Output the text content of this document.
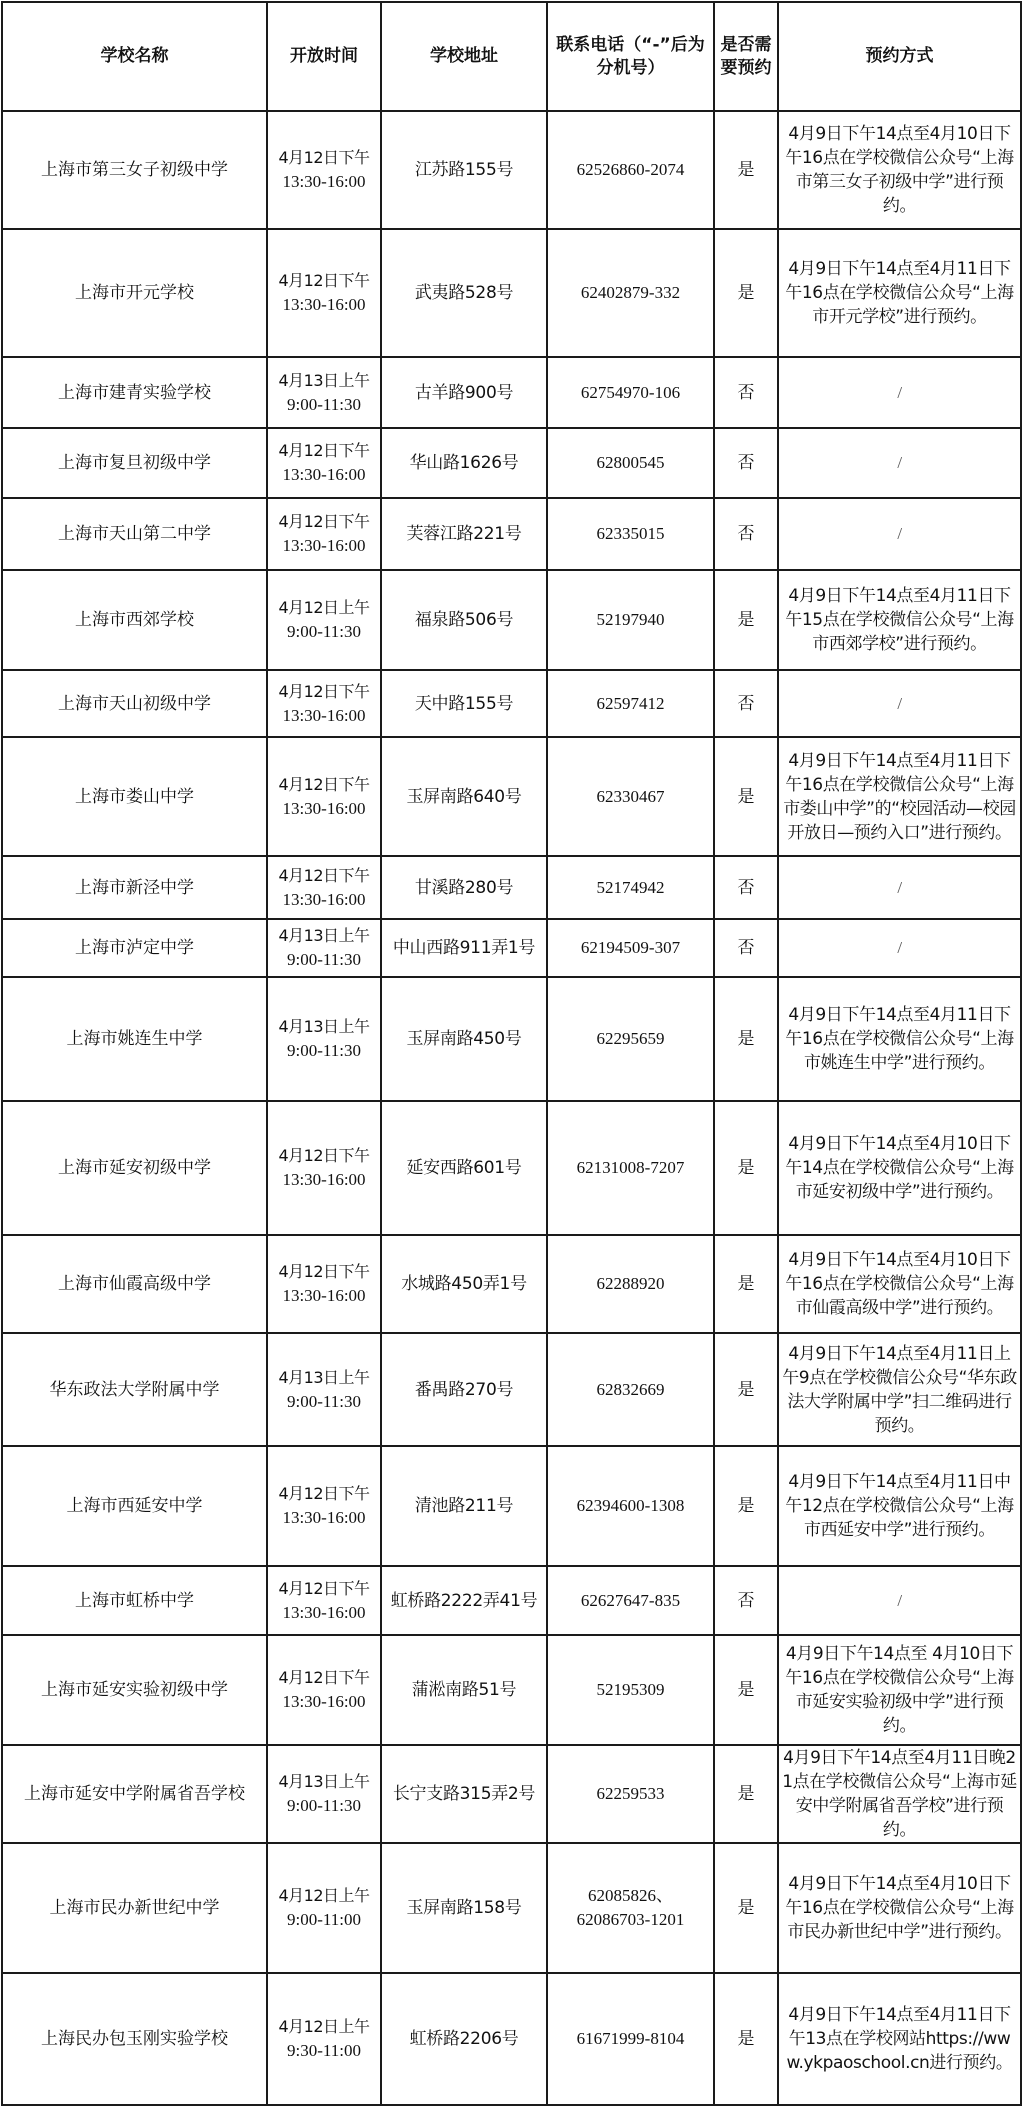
学校名称	开放时间	学校地址	联系电话（“-”后为分机号）	是否需要预约	预约方式
上海市第三女子初级中学	4月12日下午
13:30-16:00	江苏路155号	62526860-2074	是	4月9日下午14点至4月10日下午16点在学校微信公众号“上海市第三女子初级中学”进行预约。
上海市开元学校	4月12日下午
13:30-16:00	武夷路528号	62402879-332	是	4月9日下午14点至4月11日下午16点在学校微信公众号“上海市开元学校”进行预约。
上海市建青实验学校	4月13日上午
9:00-11:30	古羊路900号	62754970-106	否	/
上海市复旦初级中学	4月12日下午
13:30-16:00	华山路1626号	62800545	否	/
上海市天山第二中学	4月12日下午
13:30-16:00	芙蓉江路221号	62335015	否	/
上海市西郊学校	4月12日上午
9:00-11:30	福泉路506号	52197940	是	4月9日下午14点至4月11日下午15点在学校微信公众号“上海市西郊学校”进行预约。
上海市天山初级中学	4月12日下午
13:30-16:00	天中路155号	62597412	否	/
上海市娄山中学	4月12日下午
13:30-16:00	玉屏南路640号	62330467	是	4月9日下午14点至4月11日下午16点在学校微信公众号“上海市娄山中学”的“校园活动—校园开放日—预约入口”进行预约。
上海市新泾中学	4月12日下午
13:30-16:00	甘溪路280号	52174942	否	/
上海市泸定中学	4月13日上午
9:00-11:30	中山西路911弄1号	62194509-307	否	/
上海市姚连生中学	4月13日上午
9:00-11:30	玉屏南路450号	62295659	是	4月9日下午14点至4月11日下午16点在学校微信公众号“上海市姚连生中学”进行预约。
上海市延安初级中学	4月12日下午
13:30-16:00	延安西路601号	62131008-7207	是	4月9日下午14点至4月10日下午14点在学校微信公众号“上海市延安初级中学”进行预约。
上海市仙霞高级中学	4月12日下午
13:30-16:00	水城路450弄1号	62288920	是	4月9日下午14点至4月10日下午16点在学校微信公众号“上海市仙霞高级中学”进行预约。
华东政法大学附属中学	4月13日上午
9:00-11:30	番禺路270号	62832669	是	4月9日下午14点至4月11日上午9点在学校微信公众号“华东政法大学附属中学”扫二维码进行预约。
上海市西延安中学	4月12日下午
13:30-16:00	清池路211号	62394600-1308	是	4月9日下午14点至4月11日中午12点在学校微信公众号“上海市西延安中学”进行预约。
上海市虹桥中学	4月12日下午
13:30-16:00	虹桥路2222弄41号	62627647-835	否	/
上海市延安实验初级中学	4月12日下午
13:30-16:00	蒲淞南路51号	52195309	是	4月9日下午14点至 4月10日下午16点在学校微信公众号“上海市延安实验初级中学”进行预约。
上海市延安中学附属省吾学校	4月13日上午
9:00-11:30	长宁支路315弄2号	62259533	是	4月9日下午14点至4月11日晚21点在学校微信公众号“上海市延安中学附属省吾学校”进行预约。
上海市民办新世纪中学	4月12日上午
9:00-11:00	玉屏南路158号	62085826、
62086703-1201	是	4月9日下午14点至4月10日下午16点在学校微信公众号“上海市民办新世纪中学”进行预约。
上海民办包玉刚实验学校	4月12日上午
9:30-11:00	虹桥路2206号	61671999-8104	是	4月9日下午14点至4月11日下午13点在学校网站https://www.ykpaoschool.cn进行预约。
